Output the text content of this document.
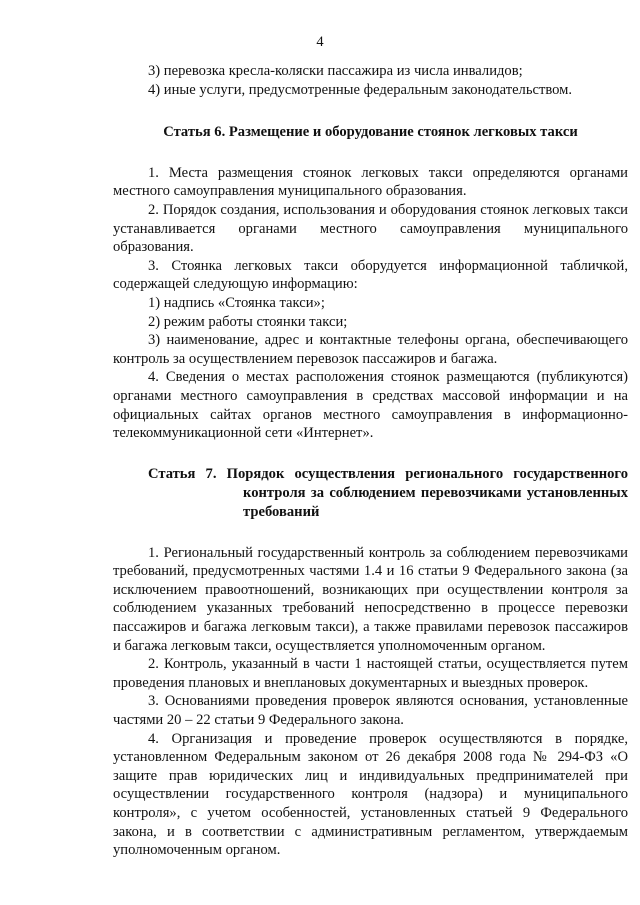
4

3) перевозка кресла-коляски пассажира из числа инвалидов;

4) иные услуги, предусмотренные федеральным законодательством.

Статья 6. Размещение и оборудование стоянок легковых такси

1. Места размещения стоянок легковых такси определяются органами местного самоуправления муниципального образования.

2. Порядок создания, использования и оборудования стоянок легковых такси устанавливается органами местного самоуправления муниципального образования.

3. Стоянка легковых такси оборудуется информационной табличкой, содержащей следующую информацию:

1) надпись «Стоянка такси»;

2) режим работы стоянки такси;

3) наименование, адрес и контактные телефоны органа, обеспечивающего контроль за осуществлением перевозок пассажиров и багажа.

4. Сведения о местах расположения стоянок размещаются (публикуются) органами местного самоуправления в средствах массовой информации и на официальных сайтах органов местного самоуправления в информационно-телекоммуникационной сети «Интернет».

Статья 7. Порядок осуществления регионального государственного контроля за соблюдением перевозчиками установленных требований

1. Региональный государственный контроль за соблюдением перевозчиками требований, предусмотренных частями 1.4 и 16 статьи 9 Федерального закона (за исключением правоотношений, возникающих при осуществлении контроля за соблюдением указанных требований непосредственно в процессе перевозки пассажиров и багажа легковым такси), а также правилами перевозок пассажиров и багажа легковым такси, осуществляется уполномоченным органом.

2. Контроль, указанный в части 1 настоящей статьи, осуществляется путем проведения плановых и внеплановых документарных и выездных проверок.

3. Основаниями проведения проверок являются основания, установленные частями 20 – 22 статьи 9 Федерального закона.

4. Организация и проведение проверок осуществляются в порядке, установленном Федеральным законом от 26 декабря 2008 года № 294-ФЗ «О защите прав юридических лиц и индивидуальных предпринимателей при осуществлении государственного контроля (надзора) и муниципального контроля», с учетом особенностей, установленных статьей 9 Федерального закона, и в соответствии с административным регламентом, утверждаемым уполномоченным органом.
